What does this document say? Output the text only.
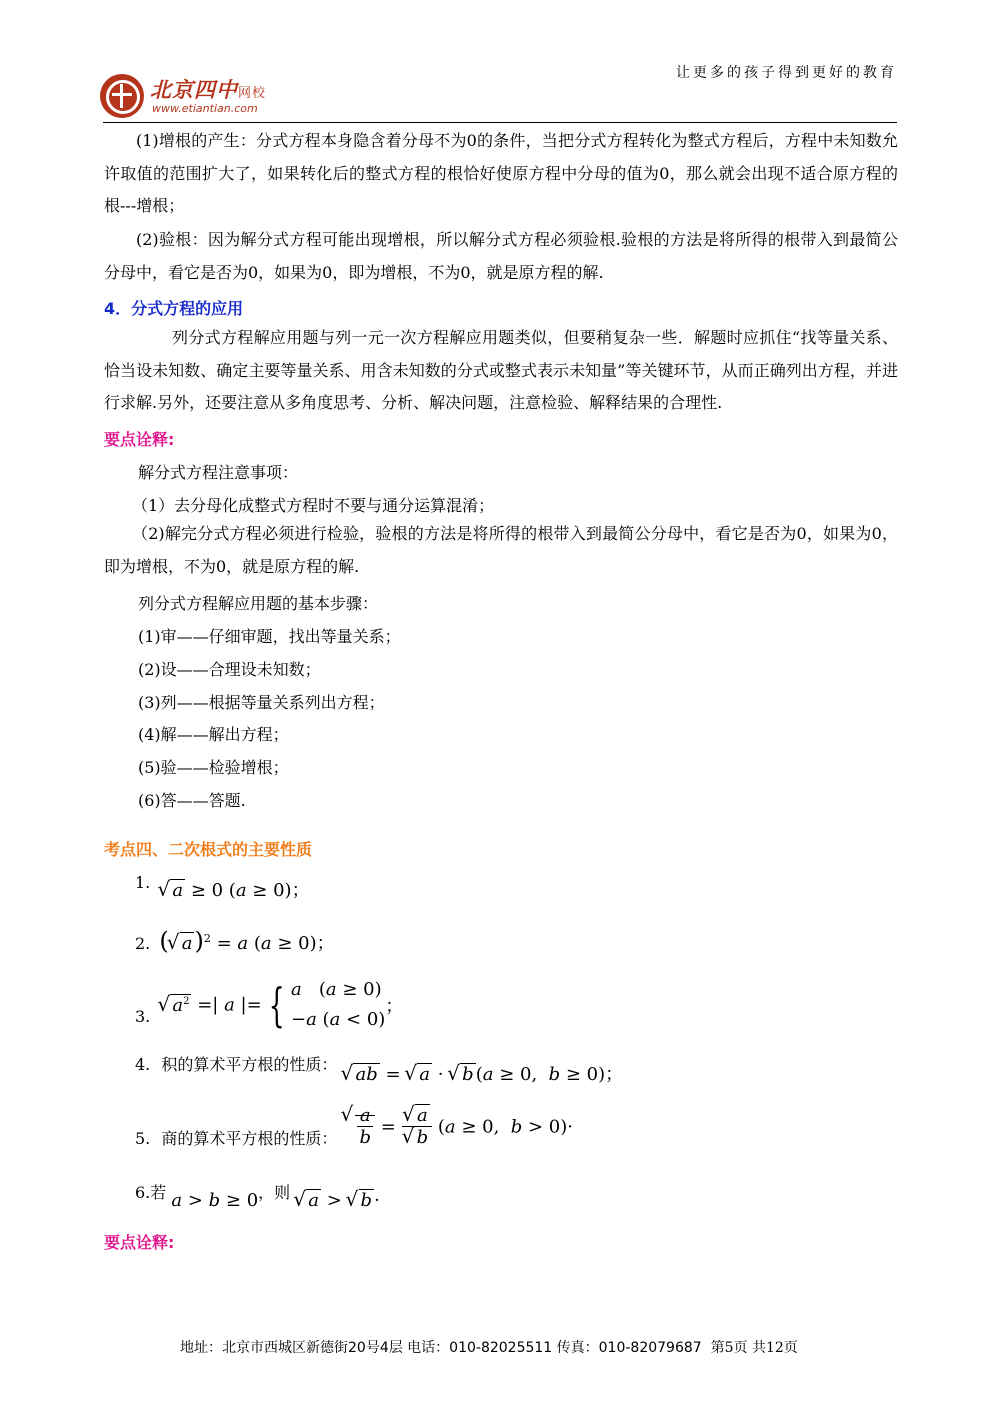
北京四中网校
www.etiantian.com
让更多的孩子得到更好的教育
(1)增根的产生：分式方程本身隐含着分母不为0的条件，当把分式方程转化为整式方程后，方程中未知数允许取值的范围扩大了，如果转化后的整式方程的根恰好使原方程中分母的值为0，那么就会出现不适合原方程的根---增根；
(2)验根：因为解分式方程可能出现增根，所以解分式方程必须验根.验根的方法是将所得的根带入到最简公分母中，看它是否为0，如果为0，即为增根，不为0，就是原方程的解.
4．分式方程的应用
列分式方程解应用题与列一元一次方程解应用题类似，但要稍复杂一些．解题时应抓住“找等量关系、恰当设未知数、确定主要等量关系、用含未知数的分式或整式表示未知量”等关键环节，从而正确列出方程，并进行求解.另外，还要注意从多角度思考、分析、解决问题，注意检验、解释结果的合理性.
要点诠释:
解分式方程注意事项：
（1）去分母化成整式方程时不要与通分运算混淆；
（2)解完分式方程必须进行检验，验根的方法是将所得的根带入到最简公分母中，看它是否为0，如果为0，即为增根，不为0，就是原方程的解.
列分式方程解应用题的基本步骤：
(1)审——仔细审题，找出等量关系；
(2)设——合理设未知数；
(3)列——根据等量关系列出方程；
(4)解——解出方程；
(5)验——检验增根；
(6)答——答题.
考点四、二次根式的主要性质
1. √ a ≥ 0 (a ≥ 0)；
2. ( √ a)$^2$ = a (a ≥ 0)；
3. √ $a^2$ =| a |= { a   (a ≥ 0)
−a (a < 0)
；
4. 积的算术平方根的性质： √ ab = √ a · √ b (a ≥ 0,  b ≥ 0)；
5. 商的算术平方根的性质： √ $\frac{a}{b}$ = √ a
√ b (a ≥ 0,  b > 0)·
6.若 a > b ≥ 0，则 √ a > √ b ·
要点诠释:
地址：北京市西城区新德街20号4层 电话：010-82025511 传真：010-82079687 第5页 共12页
